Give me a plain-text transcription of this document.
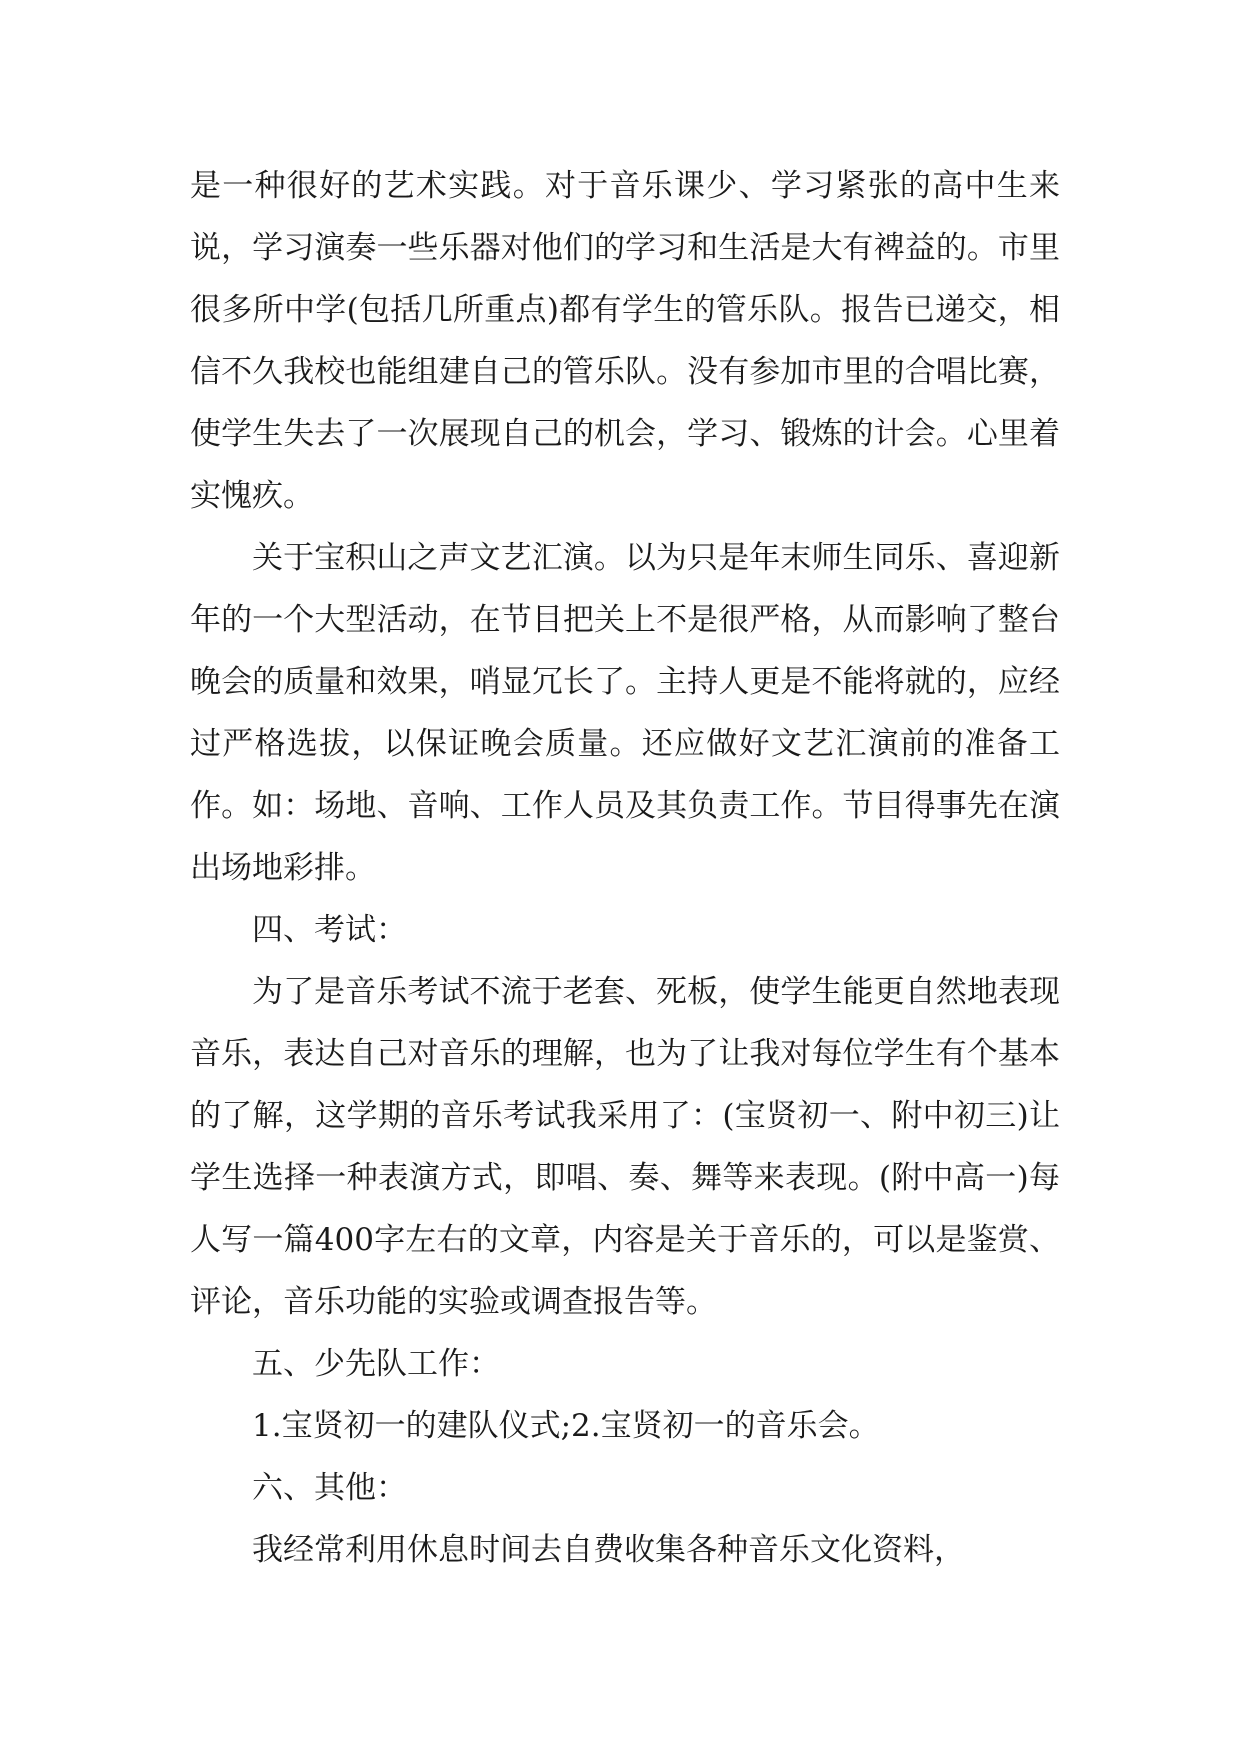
是一种很好的艺术实践。对于音乐课少、学习紧张的高中生来说，学习演奏一些乐器对他们的学习和生活是大有裨益的。市里很多所中学(包括几所重点)都有学生的管乐队。报告已递交，相信不久我校也能组建自己的管乐队。没有参加市里的合唱比赛，使学生失去了一次展现自己的机会，学习、锻炼的计会。心里着实愧疚。

关于宝积山之声文艺汇演。以为只是年末师生同乐、喜迎新年的一个大型活动，在节目把关上不是很严格，从而影响了整台晚会的质量和效果，哨显冗长了。主持人更是不能将就的，应经过严格选拔，以保证晚会质量。还应做好文艺汇演前的准备工作。如：场地、音响、工作人员及其负责工作。节目得事先在演出场地彩排。

四、考试：

为了是音乐考试不流于老套、死板，使学生能更自然地表现音乐，表达自己对音乐的理解，也为了让我对每位学生有个基本的了解，这学期的音乐考试我采用了：(宝贤初一、附中初三)让学生选择一种表演方式，即唱、奏、舞等来表现。(附中高一)每人写一篇400字左右的文章，内容是关于音乐的，可以是鉴赏、评论，音乐功能的实验或调查报告等。

五、少先队工作：

1.宝贤初一的建队仪式;2.宝贤初一的音乐会。

六、其他：

我经常利用休息时间去自费收集各种音乐文化资料，
